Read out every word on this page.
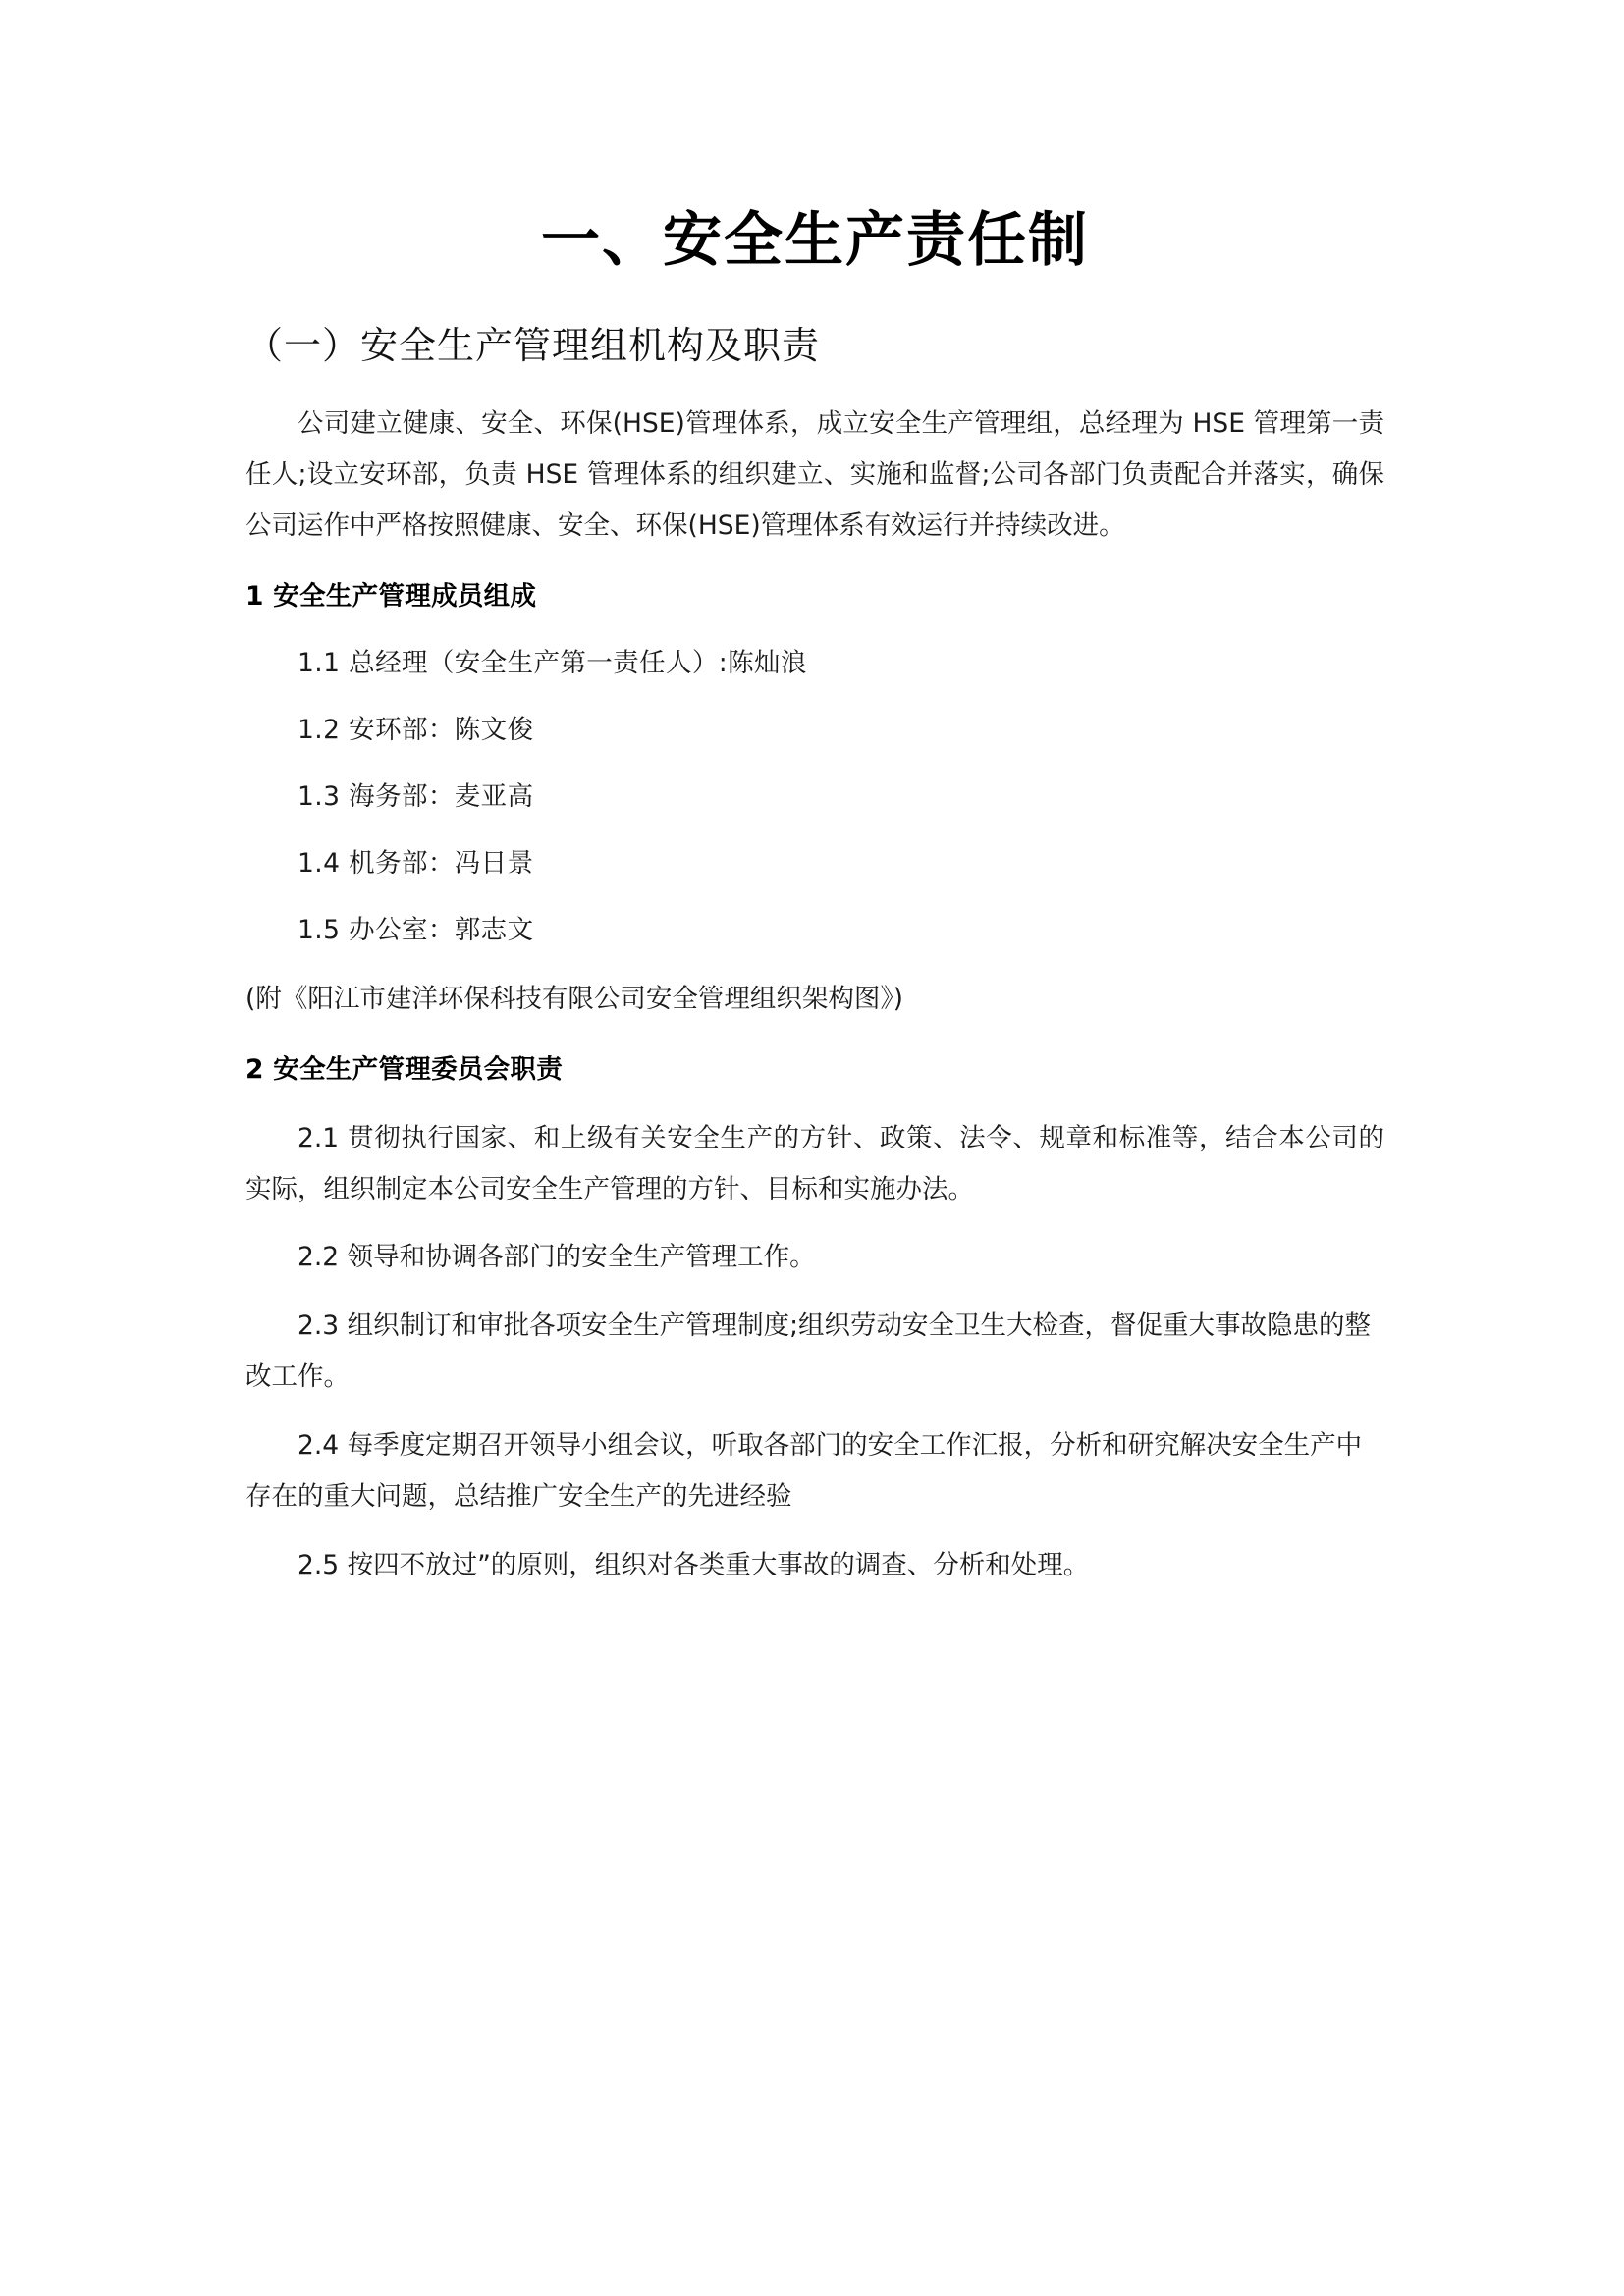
一、安全生产责任制
（一）安全生产管理组机构及职责

公司建立健康、安全、环保(HSE)管理体系，成立安全生产管理组，总经理为 HSE 管理第一责任人;设立安环部，负责 HSE 管理体系的组织建立、实施和监督;公司各部门负责配合并落实，确保公司运作中严格按照健康、安全、环保(HSE)管理体系有效运行并持续改进。

1 安全生产管理成员组成

1.1 总经理（安全生产第一责任人）:陈灿浪

1.2 安环部：陈文俊

1.3 海务部：麦亚高

1.4 机务部：冯日景

1.5 办公室：郭志文

(附《阳江市建洋环保科技有限公司安全管理组织架构图》)

2 安全生产管理委员会职责

2.1 贯彻执行国家、和上级有关安全生产的方针、政策、法令、规章和标准等，结合本公司的实际，组织制定本公司安全生产管理的方针、目标和实施办法。

2.2 领导和协调各部门的安全生产管理工作。

2.3 组织制订和审批各项安全生产管理制度;组织劳动安全卫生大检查，督促重大事故隐患的整改工作。

2.4 每季度定期召开领导小组会议，听取各部门的安全工作汇报，分析和研究解决安全生产中存在的重大问题，总结推广安全生产的先进经验

2.5 按四不放过”的原则，组织对各类重大事故的调查、分析和处理。
